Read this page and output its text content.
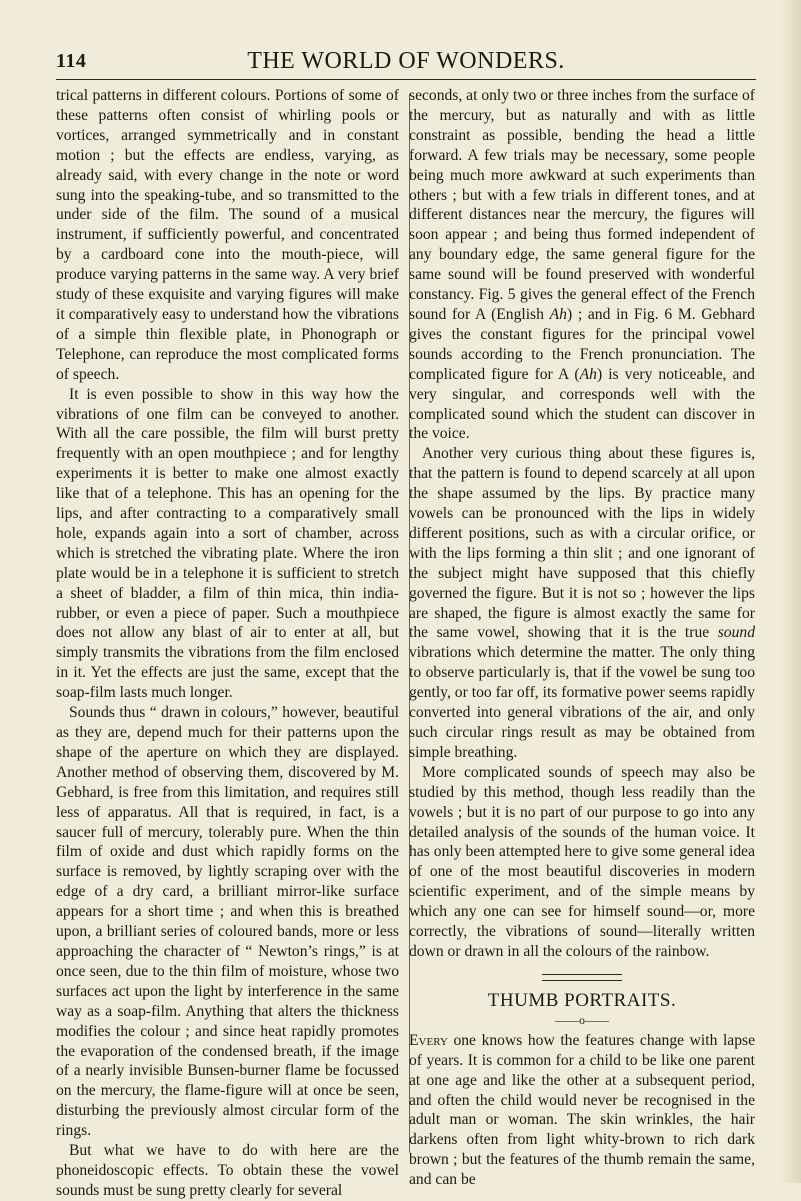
114	THE WORLD OF WONDERS.

trical patterns in different colours. Portions of some of these patterns often consist of whirling pools or vortices, arranged symmetrically and in constant motion ; but the effects are endless, varying, as already said, with every change in the note or word sung into the speaking-tube, and so transmitted to the under side of the film. The sound of a musical instrument, if sufficiently powerful, and concentrated by a cardboard cone into the mouth-piece, will produce varying patterns in the same way. A very brief study of these exquisite and varying figures will make it comparatively easy to understand how the vibrations of a simple thin flexible plate, in Phonograph or Telephone, can reproduce the most complicated forms of speech.

It is even possible to show in this way how the vibrations of one film can be conveyed to another. With all the care possible, the film will burst pretty frequently with an open mouthpiece ; and for lengthy experiments it is better to make one almost exactly like that of a telephone. This has an opening for the lips, and after contracting to a comparatively small hole, expands again into a sort of chamber, across which is stretched the vibrating plate. Where the iron plate would be in a telephone it is sufficient to stretch a sheet of bladder, a film of thin mica, thin india-rubber, or even a piece of paper. Such a mouthpiece does not allow any blast of air to enter at all, but simply transmits the vibrations from the film enclosed in it. Yet the effects are just the same, except that the soap-film lasts much longer.

Sounds thus “ drawn in colours,” however, beautiful as they are, depend much for their patterns upon the shape of the aperture on which they are displayed. Another method of observing them, discovered by M. Gebhard, is free from this limitation, and requires still less of apparatus. All that is required, in fact, is a saucer full of mercury, tolerably pure. When the thin film of oxide and dust which rapidly forms on the surface is removed, by lightly scraping over with the edge of a dry card, a brilliant mirror-like surface appears for a short time ; and when this is breathed upon, a brilliant series of coloured bands, more or less approaching the character of “ Newton’s rings,” is at once seen, due to the thin film of moisture, whose two surfaces act upon the light by interference in the same way as a soap-film. Anything that alters the thickness modifies the colour ; and since heat rapidly promotes the evaporation of the condensed breath, if the image of a nearly invisible Bunsen-burner flame be focussed on the mercury, the flame-figure will at once be seen, disturbing the previously almost circular form of the rings.

But what we have to do with here are the phoneidoscopic effects. To obtain these the vowel sounds must be sung pretty clearly for several

seconds, at only two or three inches from the surface of the mercury, but as naturally and with as little constraint as possible, bending the head a little forward. A few trials may be necessary, some people being much more awkward at such experiments than others ; but with a few trials in different tones, and at different distances near the mercury, the figures will soon appear ; and being thus formed independent of any boundary edge, the same general figure for the same sound will be found preserved with wonderful constancy. Fig. 5 gives the general effect of the French sound for A (English Ah) ; and in Fig. 6 M. Gebhard gives the constant figures for the principal vowel sounds according to the French pronunciation. The complicated figure for A (Ah) is very noticeable, and very singular, and corresponds well with the complicated sound which the student can discover in the voice.

Another very curious thing about these figures is, that the pattern is found to depend scarcely at all upon the shape assumed by the lips. By practice many vowels can be pronounced with the lips in widely different positions, such as with a circular orifice, or with the lips forming a thin slit ; and one ignorant of the subject might have supposed that this chiefly governed the figure. But it is not so ; however the lips are shaped, the figure is almost exactly the same for the same vowel, showing that it is the true sound vibrations which determine the matter. The only thing to observe particularly is, that if the vowel be sung too gently, or too far off, its formative power seems rapidly converted into general vibrations of the air, and only such circular rings result as may be obtained from simple breathing.

More complicated sounds of speech may also be studied by this method, though less readily than the vowels ; but it is no part of our purpose to go into any detailed analysis of the sounds of the human voice. It has only been attempted here to give some general idea of one of the most beautiful discoveries in modern scientific experiment, and of the simple means by which any one can see for himself sound—or, more correctly, the vibrations of sound—literally written down or drawn in all the colours of the rainbow.

THUMB PORTRAITS.
——o——

Every one knows how the features change with lapse of years. It is common for a child to be like one parent at one age and like the other at a subsequent period, and often the child would never be recognised in the adult man or woman. The skin wrinkles, the hair darkens often from light whity-brown to rich dark brown ; but the features of the thumb remain the same, and can be
